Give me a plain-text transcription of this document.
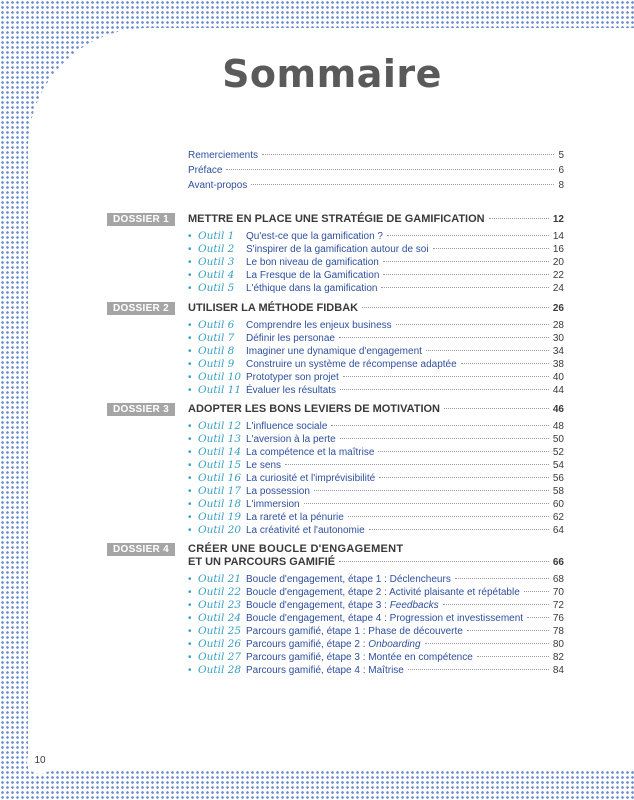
Sommaire
Remerciements	5
Préface	6
Avant-propos	8
DOSSIER 1	METTRE EN PLACE UNE STRATÉGIE DE GAMIFICATION	12
• Outil 1	Qu'est-ce que la gamification ?	14
• Outil 2	S'inspirer de la gamification autour de soi	16
• Outil 3	Le bon niveau de gamification	20
• Outil 4	La Fresque de la Gamification	22
• Outil 5	L'éthique dans la gamification	24
DOSSIER 2	UTILISER LA MÉTHODE FIDBAK	26
• Outil 6	Comprendre les enjeux business	28
• Outil 7	Définir les personae	30
• Outil 8	Imaginer une dynamique d'engagement	34
• Outil 9	Construire un système de récompense adaptée	38
• Outil 10 Prototyper son projet	40
• Outil 11 Évaluer les résultats	44
DOSSIER 3	ADOPTER LES BONS LEVIERS DE MOTIVATION	46
• Outil 12 L'influence sociale	48
• Outil 13 L'aversion à la perte	50
• Outil 14 La compétence et la maîtrise	52
• Outil 15 Le sens	54
• Outil 16 La curiosité et l'imprévisibilité	56
• Outil 17 La possession	58
• Outil 18 L'immersion	60
• Outil 19 La rareté et la pénurie	62
• Outil 20 La créativité et l'autonomie	64
DOSSIER 4	CRÉER UNE BOUCLE D'ENGAGEMENT
ET UN PARCOURS GAMIFIÉ	66
• Outil 21 Boucle d'engagement, étape 1 : Déclencheurs	68
• Outil 22 Boucle d'engagement, étape 2 : Activité plaisante et répétable	70
• Outil 23 Boucle d'engagement, étape 3 : Feedbacks	72
• Outil 24 Boucle d'engagement, étape 4 : Progression et investissement	76
• Outil 25 Parcours gamifié, étape 1 : Phase de découverte	78
• Outil 26 Parcours gamifié, étape 2 : Onboarding	80
• Outil 27 Parcours gamifié, étape 3 : Montée en compétence	82
• Outil 28 Parcours gamifié, étape 4 : Maîtrise	84
10
